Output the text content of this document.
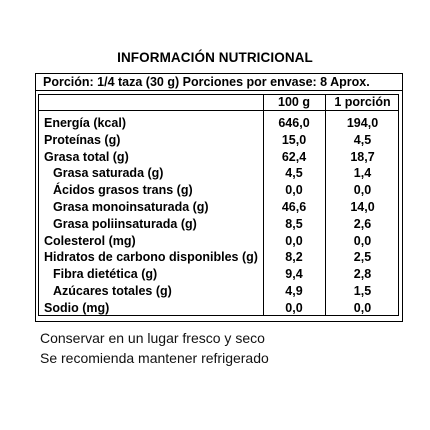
INFORMACIÓN NUTRICIONAL
Porción: 1/4 taza (30 g) Porciones por envase: 8 Aprox.
100 g	1 porción
Energía (kcal)	646,0	194,0
Proteínas (g)	15,0	4,5
Grasa total (g)	62,4	18,7
Grasa saturada (g)	4,5	1,4
Ácidos grasos trans (g)	0,0	0,0
Grasa monoinsaturada (g)	46,6	14,0
Grasa poliinsaturada (g)	8,5	2,6
Colesterol (mg)	0,0	0,0
Hidratos de carbono disponibles (g)	8,2	2,5
Fibra dietética (g)	9,4	2,8
Azúcares totales (g)	4,9	1,5
Sodio (mg)	0,0	0,0
Conservar en un lugar fresco y seco
Se recomienda mantener refrigerado
